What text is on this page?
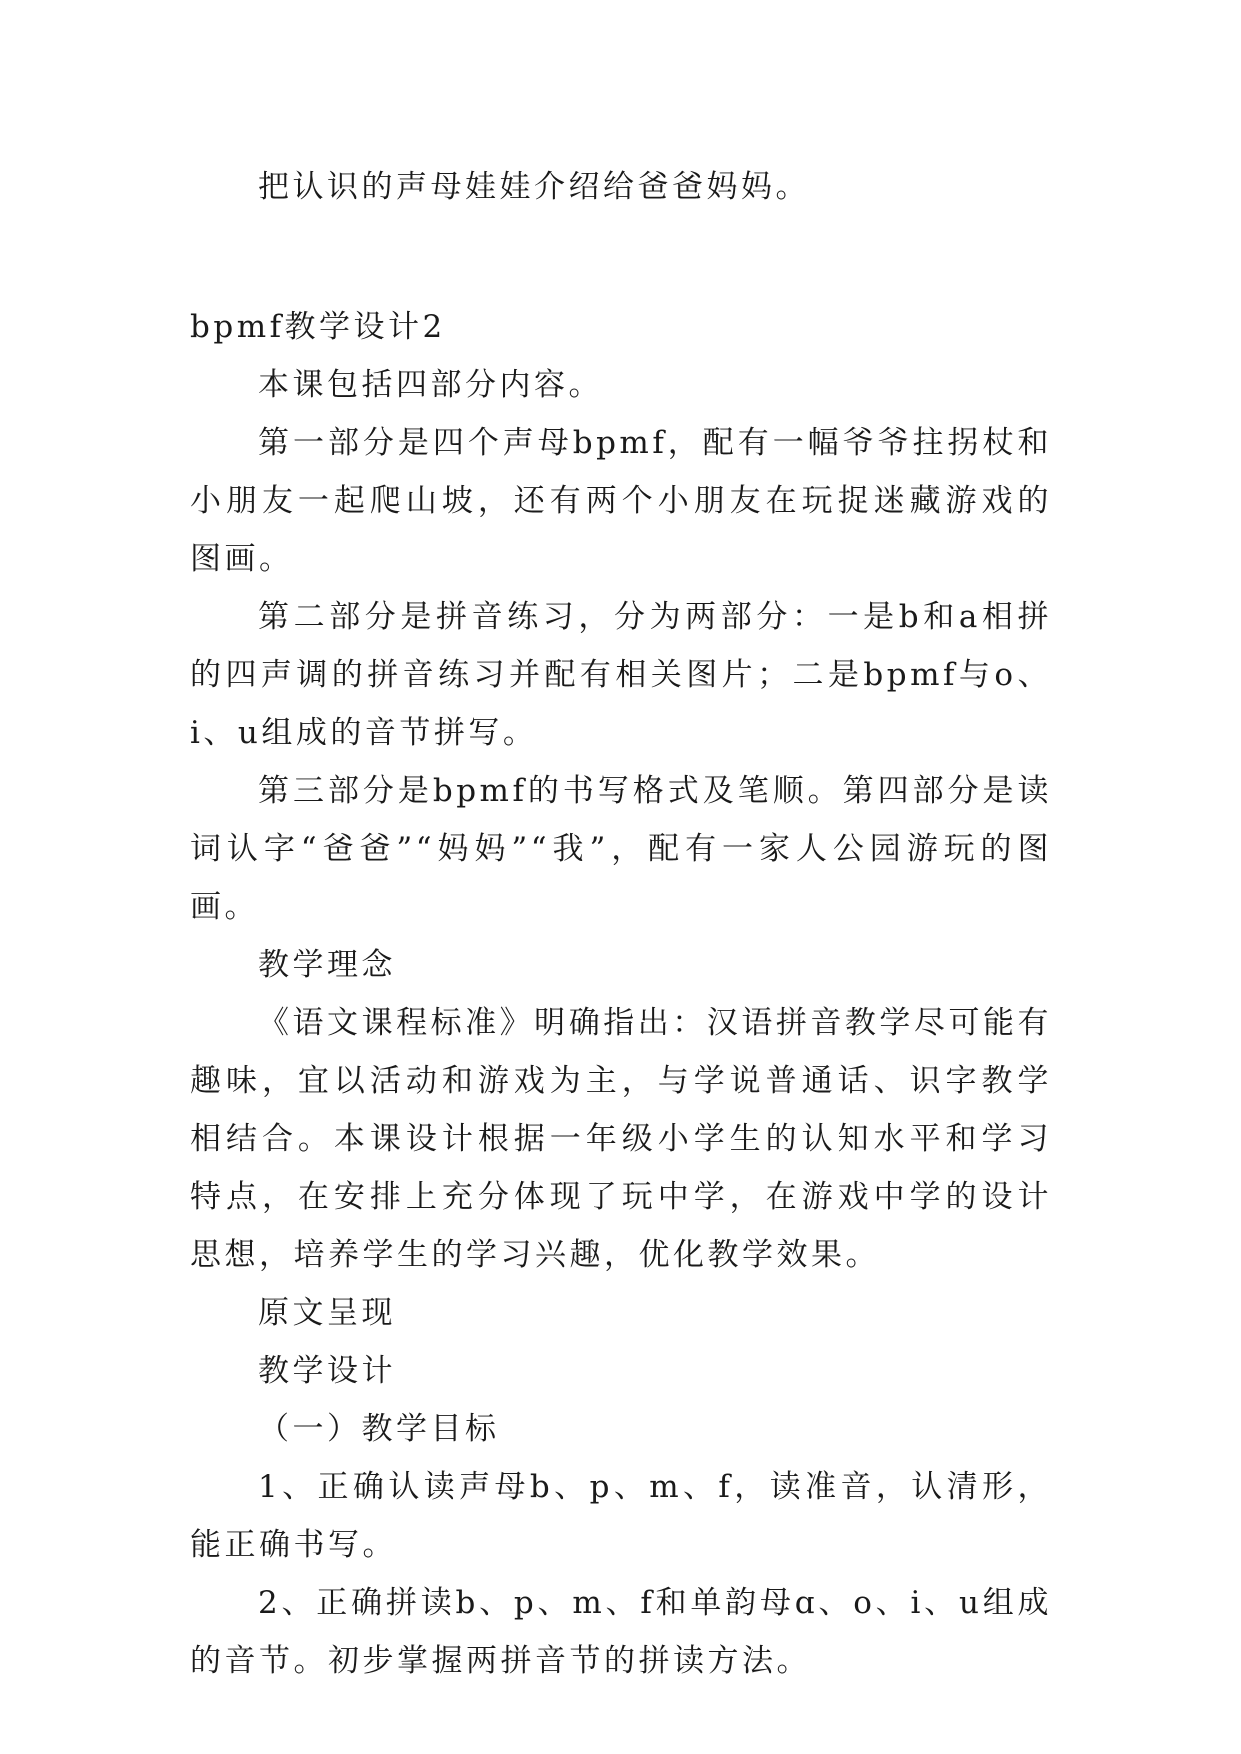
把认识的声母娃娃介绍给爸爸妈妈。

bpmf教学设计2

本课包括四部分内容。

第一部分是四个声母bpmf，配有一幅爷爷拄拐杖和小朋友一起爬山坡，还有两个小朋友在玩捉迷藏游戏的图画。

第二部分是拼音练习，分为两部分：一是b和a相拼的四声调的拼音练习并配有相关图片；二是bpmf与o、i、u组成的音节拼写。

第三部分是bpmf的书写格式及笔顺。第四部分是读词认字“爸爸”“妈妈”“我”，配有一家人公园游玩的图画。

教学理念

《语文课程标准》明确指出：汉语拼音教学尽可能有趣味，宜以活动和游戏为主，与学说普通话、识字教学相结合。本课设计根据一年级小学生的认知水平和学习特点，在安排上充分体现了玩中学，在游戏中学的设计思想，培养学生的学习兴趣，优化教学效果。

原文呈现

教学设计

（一）教学目标

1、正确认读声母b、p、m、f，读准音，认清形，能正确书写。

2、正确拼读b、p、m、f和单韵母ɑ、o、i、u组成的音节。初步掌握两拼音节的拼读方法。
